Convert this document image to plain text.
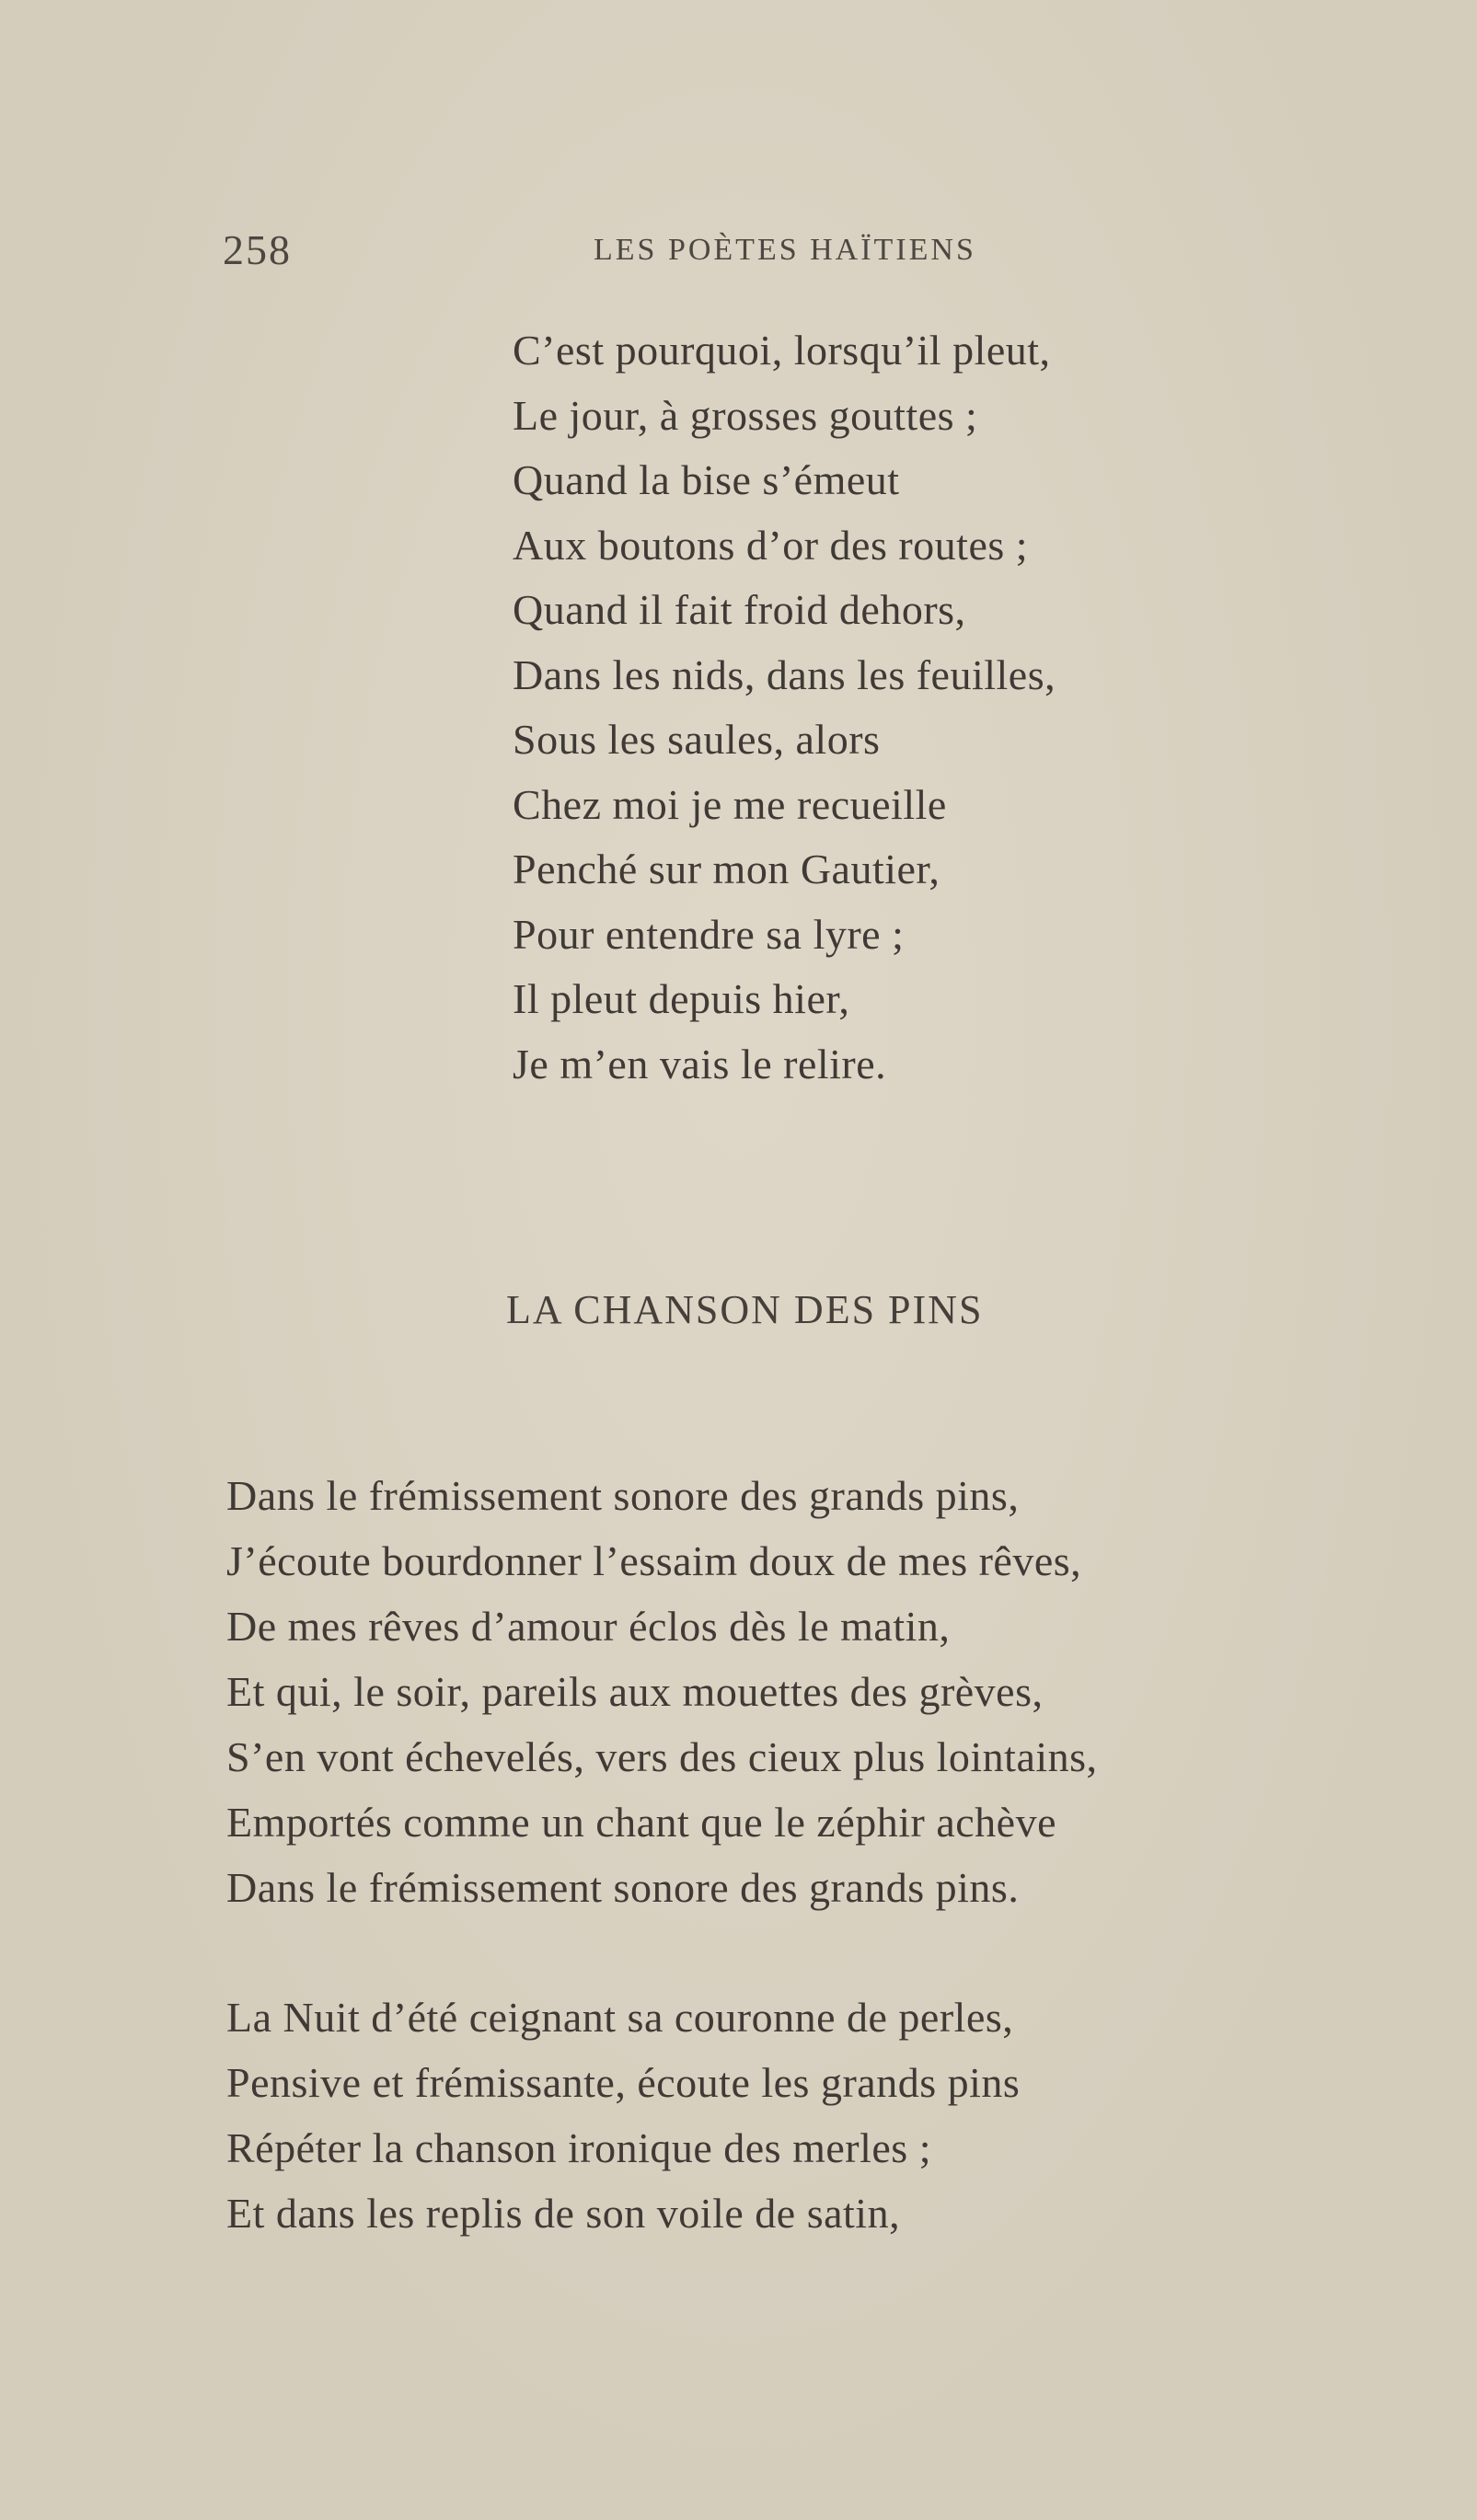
258	LES POÈTES HAÏTIENS
C’est pourquoi, lorsqu’il pleut,
Le jour, à grosses gouttes ;
Quand la bise s’émeut
Aux boutons d’or des routes ;
Quand il fait froid dehors,
Dans les nids, dans les feuilles,
Sous les saules, alors
Chez moi je me recueille
Penché sur mon Gautier,
Pour entendre sa lyre ;
Il pleut depuis hier,
Je m’en vais le relire.
LA CHANSON DES PINS
Dans le frémissement sonore des grands pins,
J’écoute bourdonner l’essaim doux de mes rêves,
De mes rêves d’amour éclos dès le matin,
Et qui, le soir, pareils aux mouettes des grèves,
S’en vont échevelés, vers des cieux plus lointains,
Emportés comme un chant que le zéphir achève
Dans le frémissement sonore des grands pins.
La Nuit d’été ceignant sa couronne de perles,
Pensive et frémissante, écoute les grands pins
Répéter la chanson ironique des merles ;
Et dans les replis de son voile de satin,
